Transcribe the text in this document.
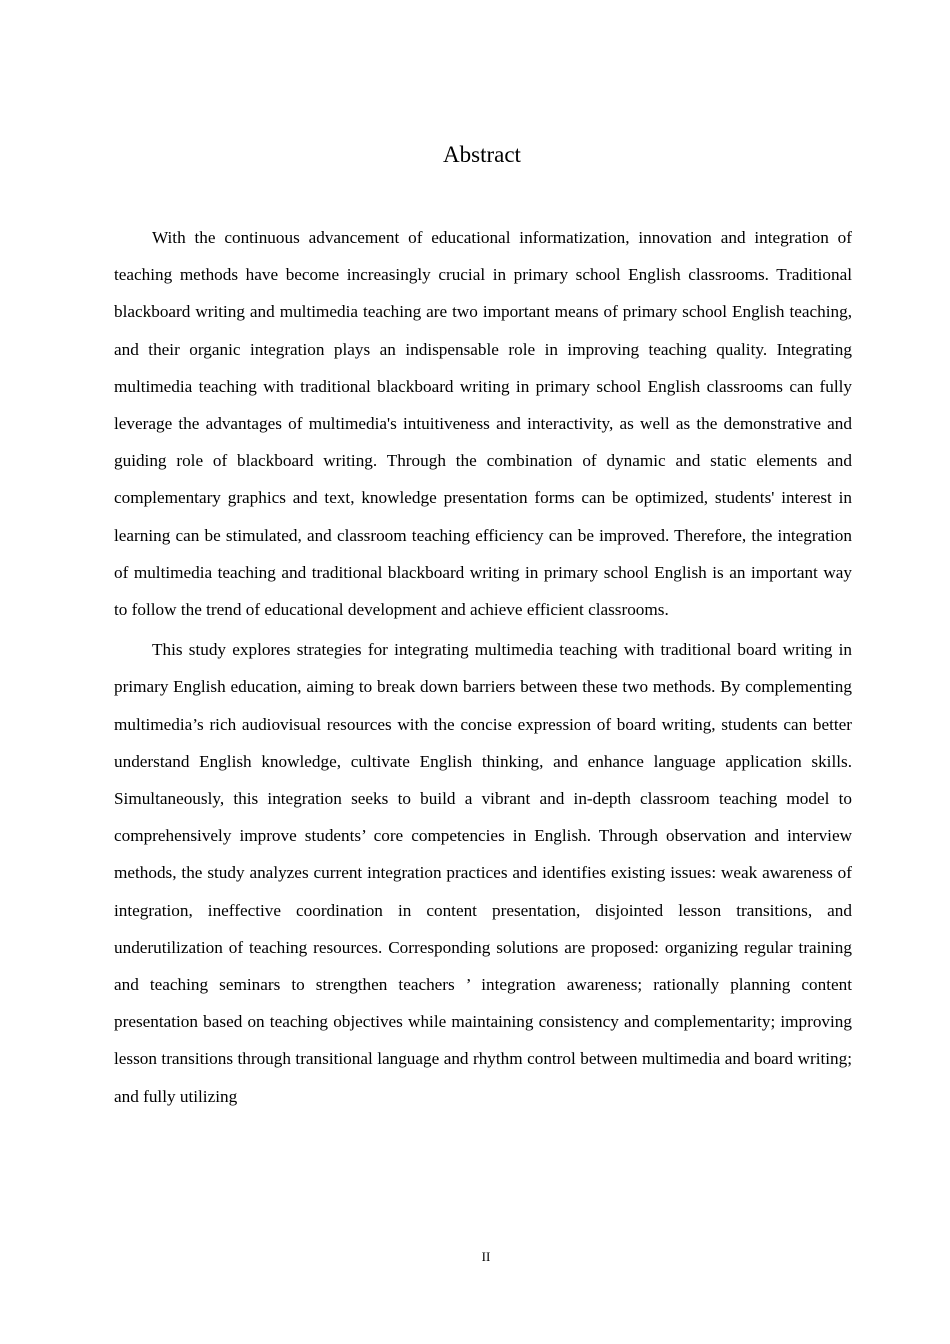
Abstract

With the continuous advancement of educational informatization, innovation and integration of teaching methods have become increasingly crucial in primary school English classrooms. Traditional blackboard writing and multimedia teaching are two important means of primary school English teaching, and their organic integration plays an indispensable role in improving teaching quality. Integrating multimedia teaching with traditional blackboard writing in primary school English classrooms can fully leverage the advantages of multimedia's intuitiveness and interactivity, as well as the demonstrative and guiding role of blackboard writing. Through the combination of dynamic and static elements and complementary graphics and text, knowledge presentation forms can be optimized, students' interest in learning can be stimulated, and classroom teaching efficiency can be improved. Therefore, the integration of multimedia teaching and traditional blackboard writing in primary school English is an important way to follow the trend of educational development and achieve efficient classrooms.

This study explores strategies for integrating multimedia teaching with traditional board writing in primary English education, aiming to break down barriers between these two methods. By complementing multimedia’s rich audiovisual resources with the concise expression of board writing, students can better understand English knowledge, cultivate English thinking, and enhance language application skills. Simultaneously, this integration seeks to build a vibrant and in-depth classroom teaching model to comprehensively improve students’ core competencies in English. Through observation and interview methods, the study analyzes current integration practices and identifies existing issues: weak awareness of integration, ineffective coordination in content presentation, disjointed lesson transitions, and underutilization of teaching resources. Corresponding solutions are proposed: organizing regular training and teaching seminars to strengthen teachers ’ integration awareness; rationally planning content presentation based on teaching objectives while maintaining consistency and complementarity; improving lesson transitions through transitional language and rhythm control between multimedia and board writing; and fully utilizing

II
